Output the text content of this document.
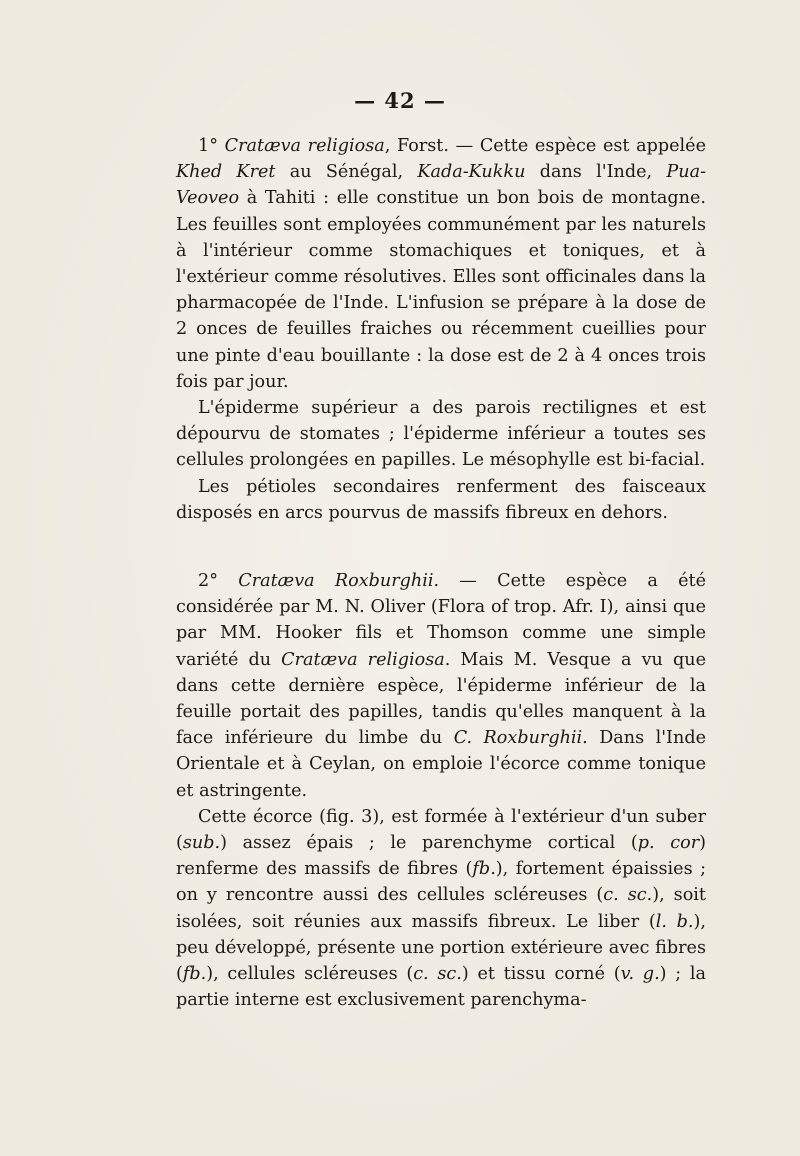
— 42 —

1° Cratæva religiosa, Forst. — Cette espèce est appelée Khed Kret au Sénégal, Kada-Kukku dans l'Inde, Pua-Veoveo à Tahiti : elle constitue un bon bois de montagne. Les feuilles sont employées communément par les naturels à l'intérieur comme stomachiques et toniques, et à l'extérieur comme résolutives. Elles sont officinales dans la pharmacopée de l'Inde. L'infusion se prépare à la dose de 2 onces de feuilles fraiches ou récemment cueillies pour une pinte d'eau bouillante : la dose est de 2 à 4 onces trois fois par jour.

L'épiderme supérieur a des parois rectilignes et est dépourvu de stomates ; l'épiderme inférieur a toutes ses cellules prolongées en papilles. Le mésophylle est bi-facial.

Les pétioles secondaires renferment des faisceaux disposés en arcs pourvus de massifs fibreux en dehors.

2° Cratæva Roxburghii. — Cette espèce a été considérée par M. N. Oliver (Flora of trop. Afr. I), ainsi que par MM. Hooker fils et Thomson comme une simple variété du Cratæva religiosa. Mais M. Vesque a vu que dans cette dernière espèce, l'épiderme inférieur de la feuille portait des papilles, tandis qu'elles manquent à la face inférieure du limbe du C. Roxburghii. Dans l'Inde Orientale et à Ceylan, on emploie l'écorce comme tonique et astringente.

Cette écorce (fig. 3), est formée à l'extérieur d'un suber (sub.) assez épais ; le parenchyme cortical (p. cor) renferme des massifs de fibres (fb.), fortement épaissies ; on y rencontre aussi des cellules scléreuses (c. sc.), soit isolées, soit réunies aux massifs fibreux. Le liber (l. b.), peu développé, présente une portion extérieure avec fibres (fb.), cellules scléreuses (c. sc.) et tissu corné (v. g.) ; la partie interne est exclusivement parenchyma-
